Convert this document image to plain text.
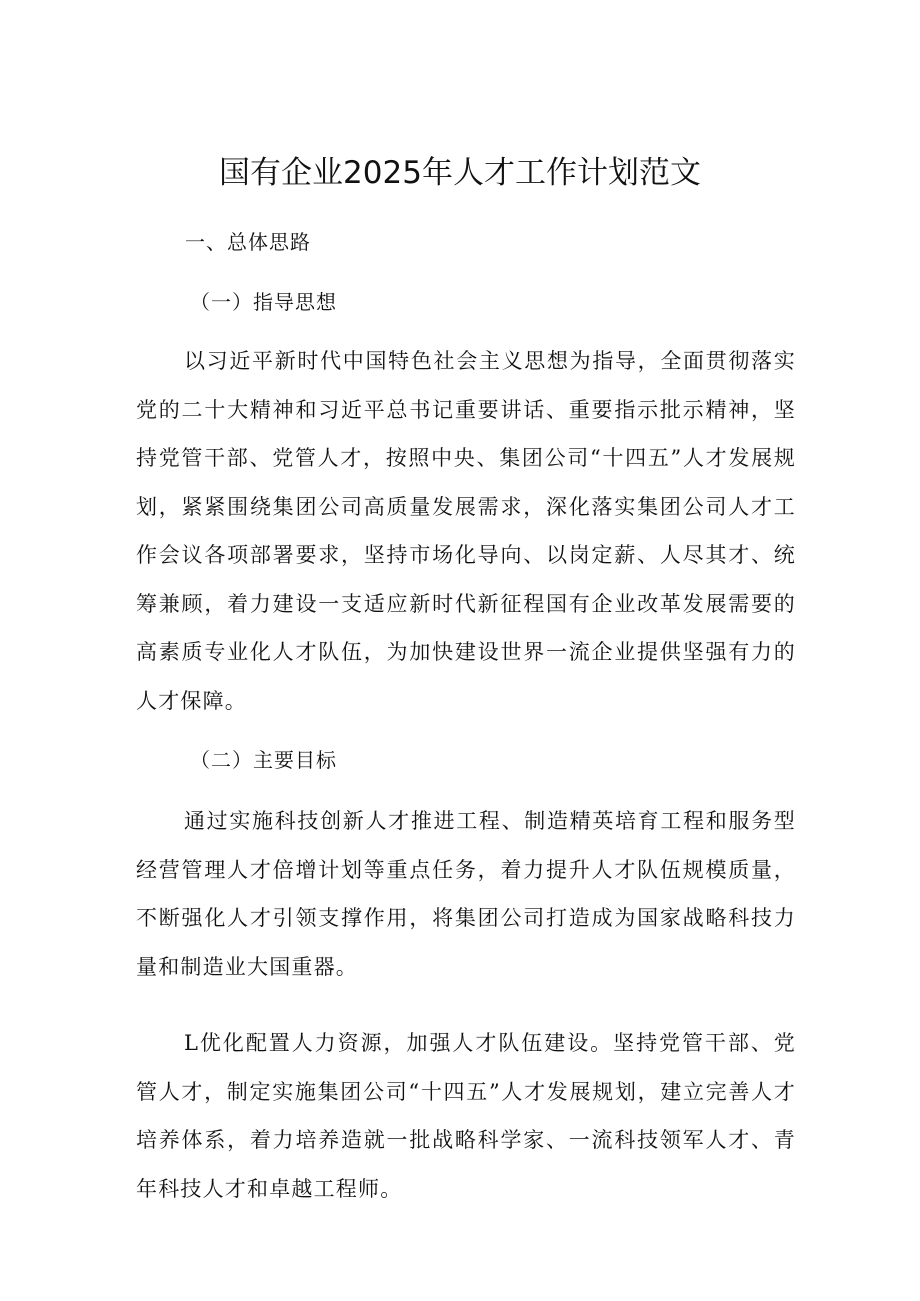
国有企业2025年人才工作计划范文

一、总体思路

（一）指导思想

以习近平新时代中国特色社会主义思想为指导，全面贯彻落实党的二十大精神和习近平总书记重要讲话、重要指示批示精神，坚持党管干部、党管人才，按照中央、集团公司“十四五”人才发展规划，紧紧围绕集团公司高质量发展需求，深化落实集团公司人才工作会议各项部署要求，坚持市场化导向、以岗定薪、人尽其才、统筹兼顾，着力建设一支适应新时代新征程国有企业改革发展需要的高素质专业化人才队伍，为加快建设世界一流企业提供坚强有力的人才保障。

（二）主要目标

通过实施科技创新人才推进工程、制造精英培育工程和服务型经营管理人才倍增计划等重点任务，着力提升人才队伍规模质量，不断强化人才引领支撑作用，将集团公司打造成为国家战略科技力量和制造业大国重器。

L优化配置人力资源，加强人才队伍建设。坚持党管干部、党管人才，制定实施集团公司“十四五”人才发展规划，建立完善人才培养体系，着力培养造就一批战略科学家、一流科技领军人才、青年科技人才和卓越工程师。
